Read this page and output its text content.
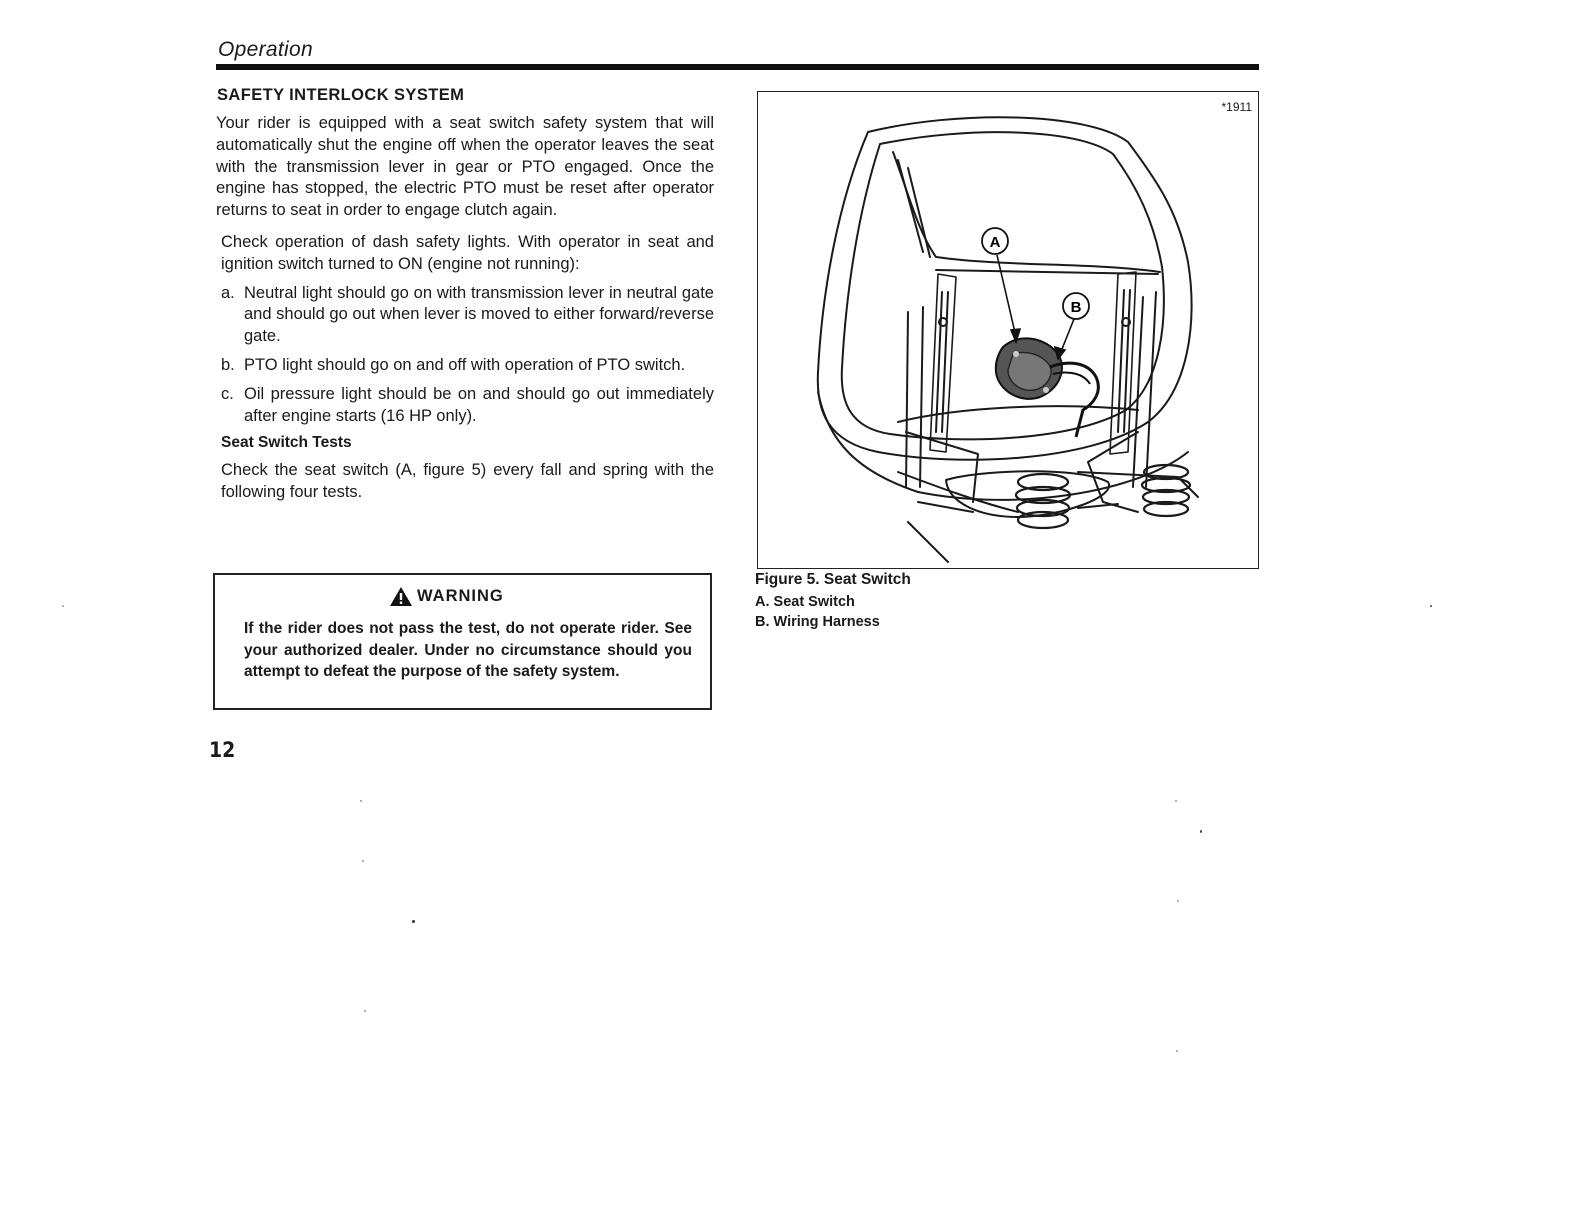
Operation
SAFETY INTERLOCK SYSTEM

Your rider is equipped with a seat switch safety system that will automatically shut the engine off when the operator leaves the seat with the transmission lever in gear or PTO engaged. Once the engine has stopped, the electric PTO must be reset after operator returns to seat in order to engage clutch again.

Check operation of dash safety lights. With operator in seat and ignition switch turned to ON (engine not running):

a. Neutral light should go on with transmission lever in neutral gate and should go out when lever is moved to either forward/reverse gate.
b. PTO light should go on and off with operation of PTO switch.
c. Oil pressure light should be on and should go out immediately after engine starts (16 HP only).
Seat Switch Tests

Check the seat switch (A, figure 5) every fall and spring with the following four tests.

WARNING
If the rider does not pass the test, do not operate rider. See your authorized dealer. Under no circumstance should you attempt to defeat the purpose of the safety system.
12
*1911
A
B
Figure 5. Seat Switch
A. Seat Switch
B. Wiring Harness
